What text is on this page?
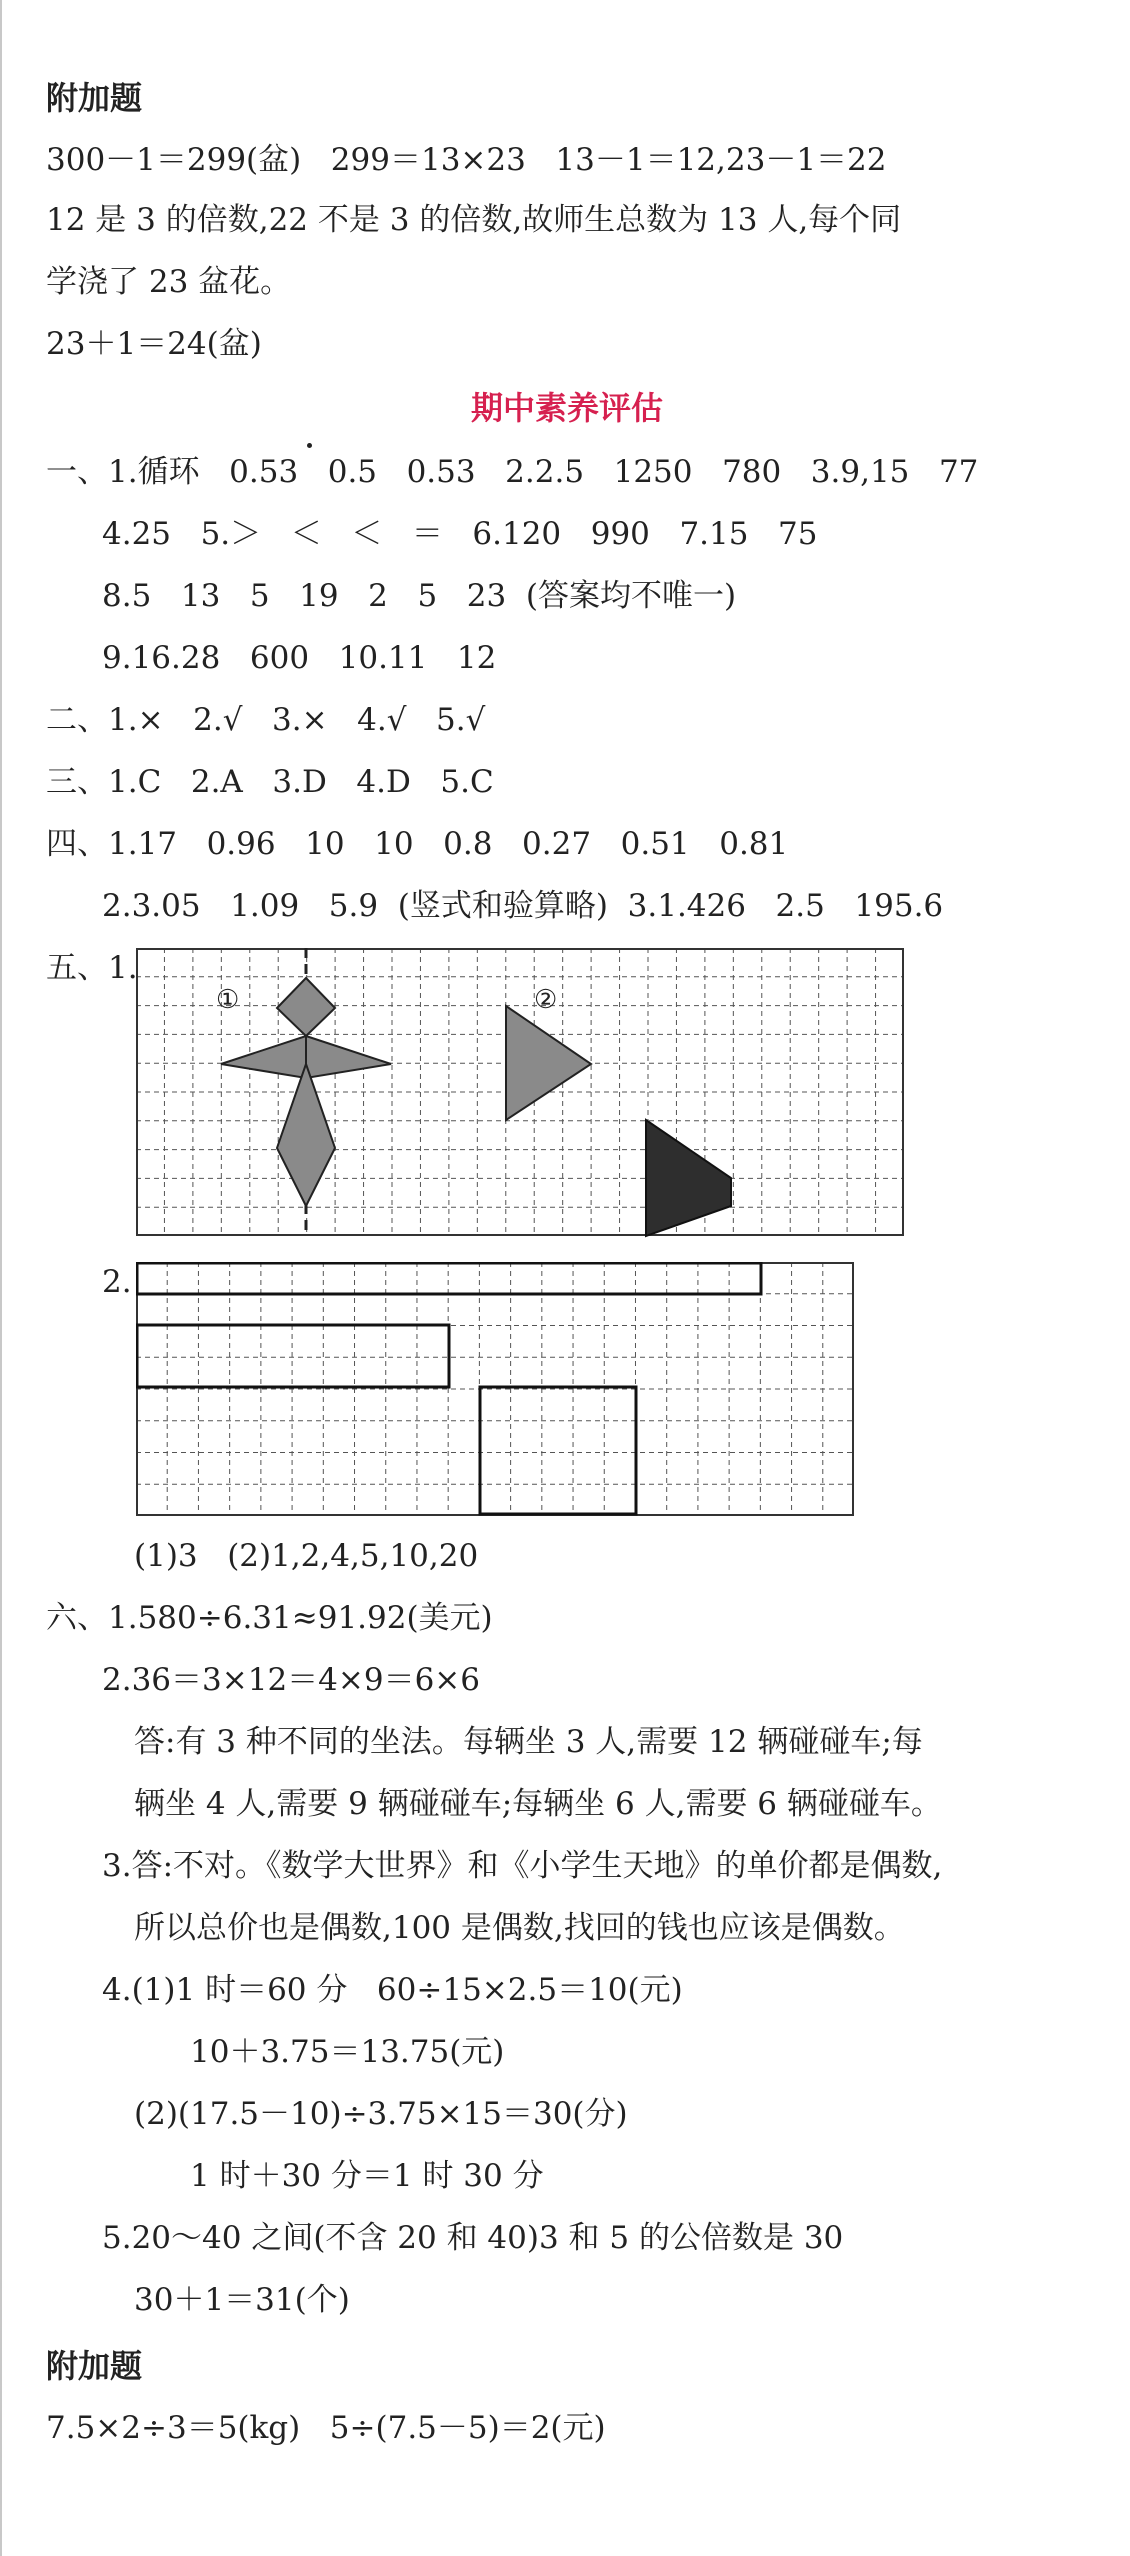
附加题
300－1＝299(盆)   299＝13×23   13－1＝12,23－1＝22
12 是 3 的倍数,22 不是 3 的倍数,故师生总数为 13 人,每个同
学浇了 23 盆花。
23＋1＝24(盆)
期中素养评估
一、1.循环   0.53   0.5   0.53   2.2.5   1250   780   3.9,15   77
4.25   5.＞   ＜   ＜   ＝   6.120   990   7.15   75
8.5   13   5   19   2   5   23  (答案均不唯一)
9.16.28   600   10.11   12
二、1.×   2.√   3.×   4.√   5.√
三、1.C   2.A   3.D   4.D   5.C
四、1.17   0.96   10   10   0.8   0.27   0.51   0.81
2.3.05   1.09   5.9  (竖式和验算略)  3.1.426   2.5   195.6
五、1.
①	②
2.
(1)3   (2)1,2,4,5,10,20
六、1.580÷6.31≈91.92(美元)
2.36＝3×12＝4×9＝6×6
答:有 3 种不同的坐法。每辆坐 3 人,需要 12 辆碰碰车;每
辆坐 4 人,需要 9 辆碰碰车;每辆坐 6 人,需要 6 辆碰碰车。
3.答:不对。《数学大世界》和《小学生天地》的单价都是偶数,
所以总价也是偶数,100 是偶数,找回的钱也应该是偶数。
4.(1)1 时＝60 分   60÷15×2.5＝10(元)
10＋3.75＝13.75(元)
(2)(17.5－10)÷3.75×15＝30(分)
1 时＋30 分＝1 时 30 分
5.20～40 之间(不含 20 和 40)3 和 5 的公倍数是 30
30＋1＝31(个)
附加题
7.5×2÷3＝5(kg)   5÷(7.5－5)＝2(元)
